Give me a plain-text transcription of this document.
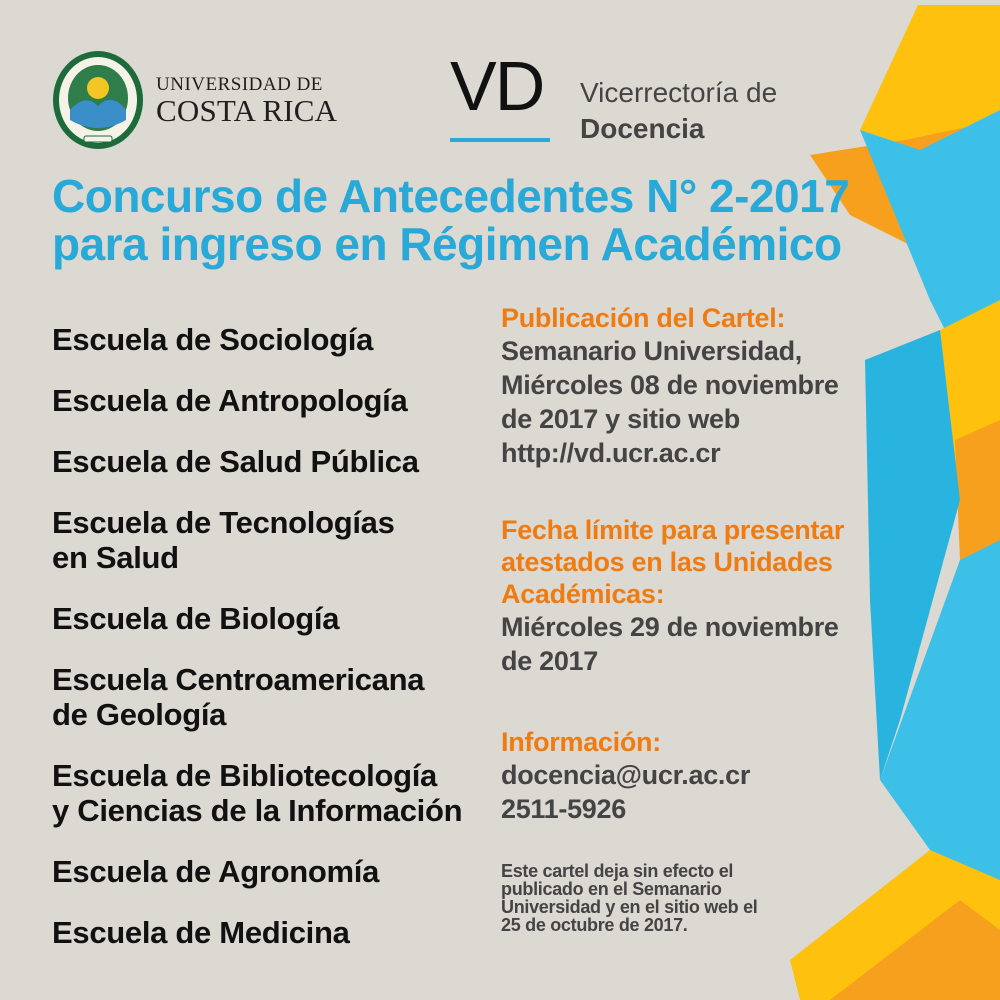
UNIVERSIDAD DE
COSTA RICA VD Vicerrectoría de
Docencia
Concurso de Antecedentes N° 2-2017
para ingreso en Régimen Académico
Escuela de Sociología
Escuela de Antropología
Escuela de Salud Pública
Escuela de Tecnologías
en Salud
Escuela de Biología
Escuela Centroamericana
de Geología
Escuela de Bibliotecología
y Ciencias de la Información
Escuela de Agronomía
Escuela de Medicina
Publicación del Cartel:
Semanario Universidad,
Miércoles 08 de noviembre
de 2017 y sitio web
http://vd.ucr.ac.cr
Fecha límite para presentar
atestados en las Unidades
Académicas:
Miércoles 29 de noviembre
de 2017
Información:
docencia@ucr.ac.cr
2511-5926
Este cartel deja sin efecto el
publicado en el Semanario
Universidad y en el sitio web el
25 de octubre de 2017.
